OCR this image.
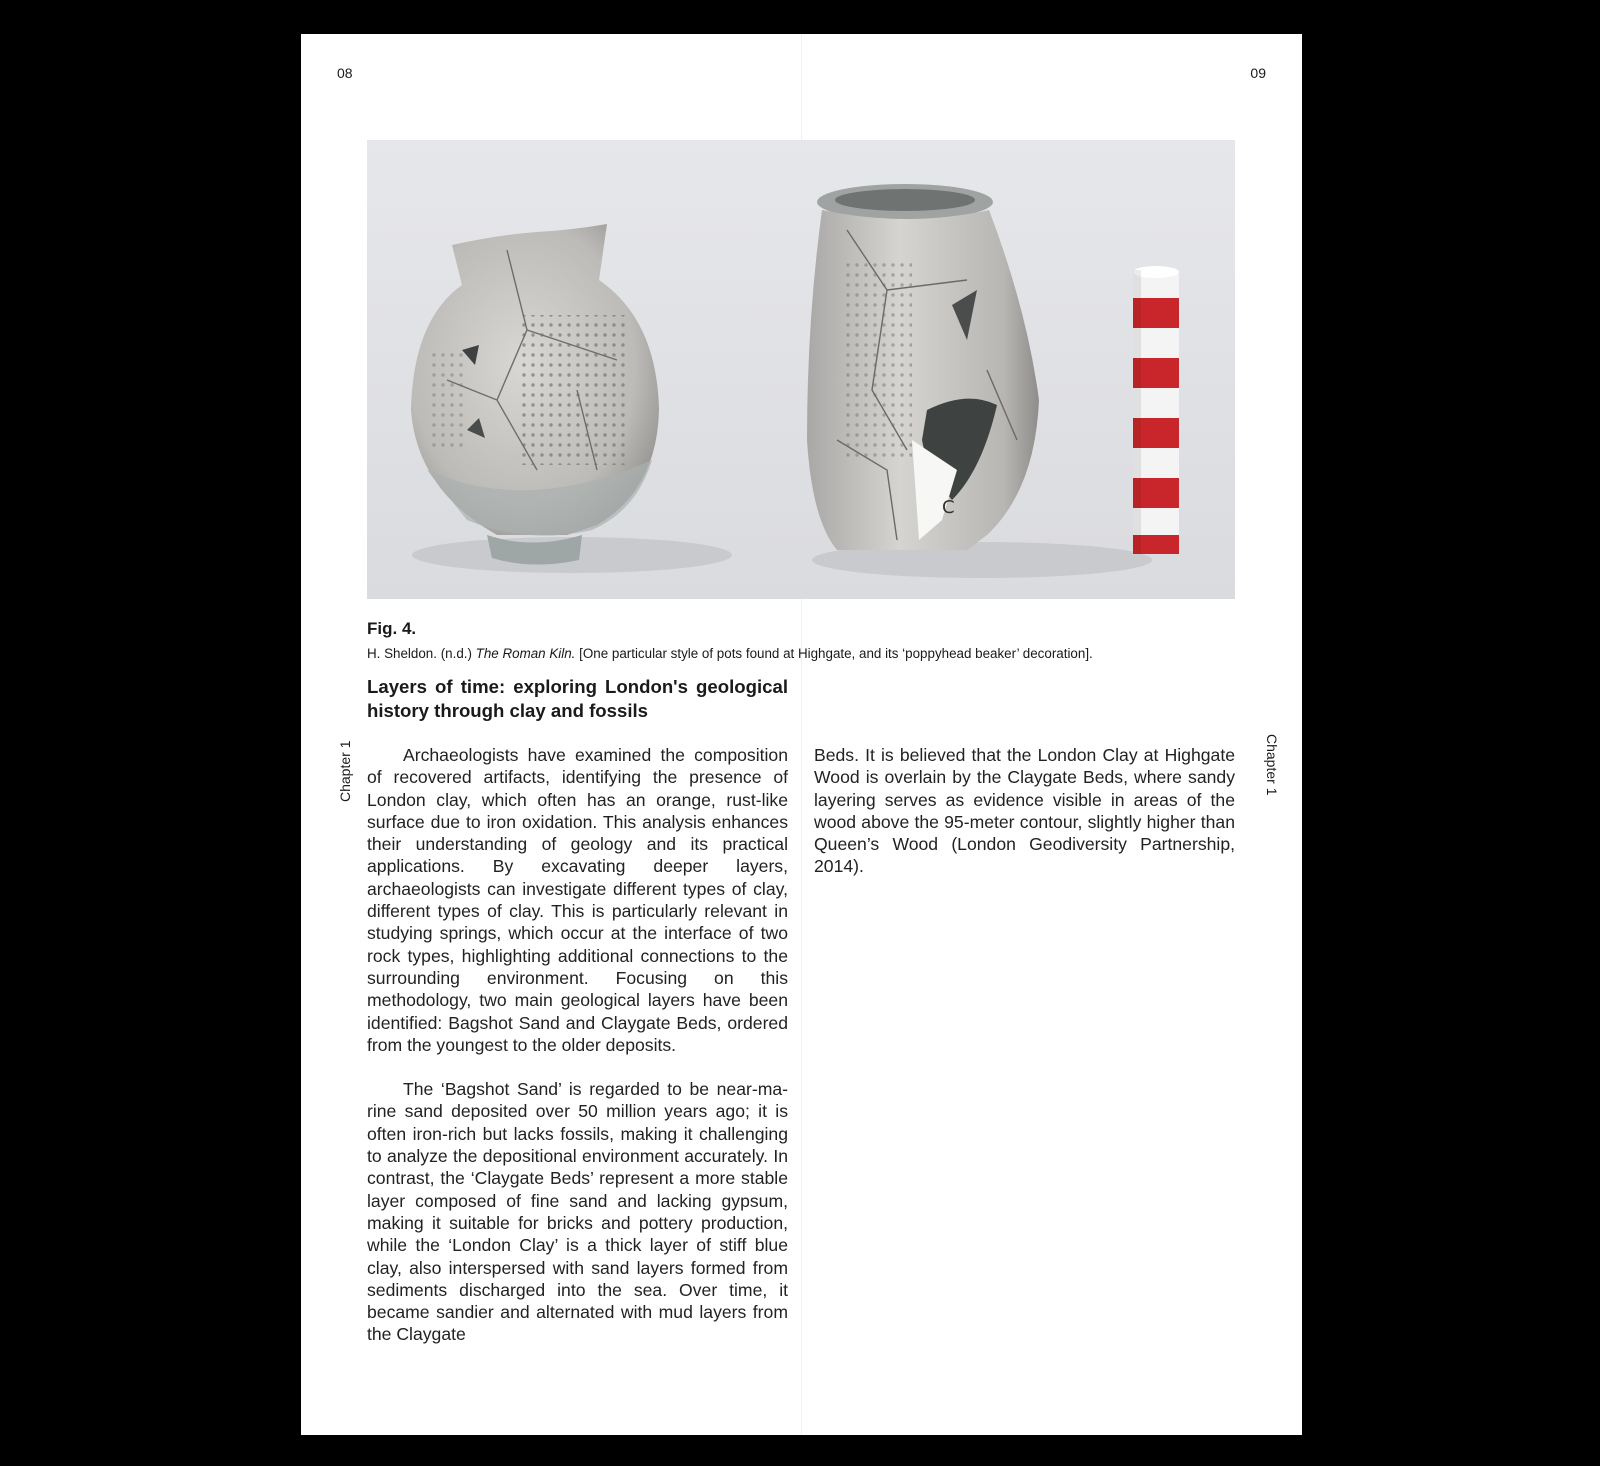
08	09
Chapter 1	Chapter 1
C
Fig. 4.
H. Sheldon. (n.d.) The Roman Kiln. [One particular style of pots found at Highgate, and its ‘poppyhead beaker’ decoration].
Layers of time: exploring London's geological history through clay and fossils

Archaeologists have examined the composition of recovered artifacts, identifying the presence of London clay, which often has an orange, rust-like surface due to iron oxidation. This analysis enhances their understanding of geology and its practical applications. By excavating deeper layers, archaeologists can investigate different types of clay, different types of clay. This is particularly relevant in studying springs, which occur at the interface of two rock types, highlighting additional connections to the surrounding environment. Focusing on this methodology, two main geological layers have been identified: Bagshot Sand and Claygate Beds, ordered from the youngest to the older deposits.

The ‘Bagshot Sand’ is regarded to be near-marine sand deposited over 50 million years ago; it is often iron-rich but lacks fossils, making it challenging to analyze the depositional environment accurately. In contrast, the ‘Claygate Beds’ represent a more stable layer composed of fine sand and lacking gypsum, making it suitable for bricks and pottery production, while the ‘London Clay’ is a thick layer of stiff blue clay, also interspersed with sand layers formed from sediments discharged into the sea. Over time, it became sandier and alternated with mud layers from the Claygate

Beds. It is believed that the London Clay at Highgate Wood is overlain by the Claygate Beds, where sandy layering serves as evidence visible in areas of the wood above the 95-meter contour, slightly higher than Queen’s Wood (London Geodiversity Partnership, 2014).
